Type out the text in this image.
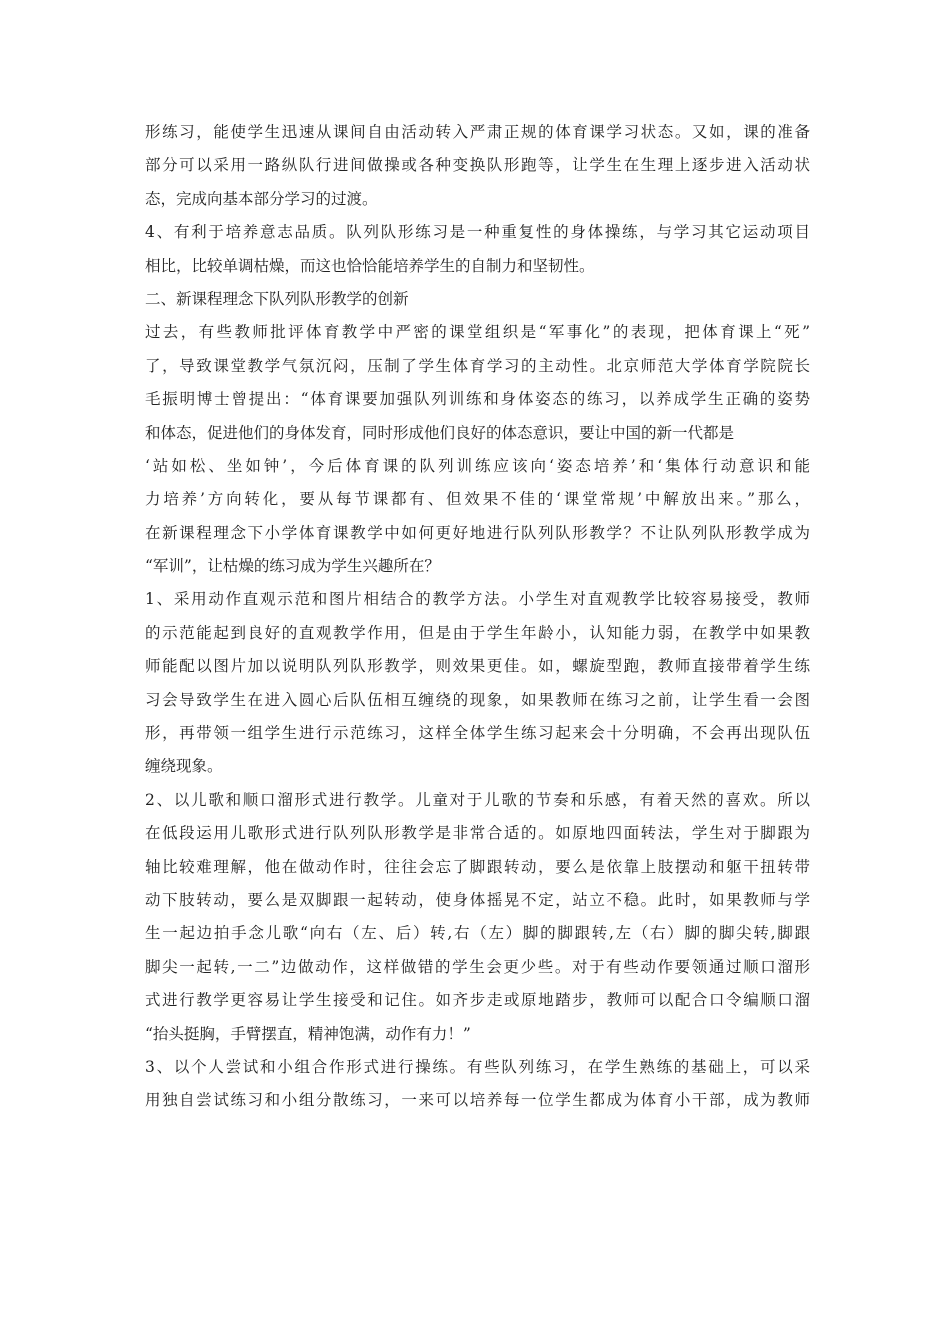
形练习，能使学生迅速从课间自由活动转入严肃正规的体育课学习状态。又如，课的准备
部分可以采用一路纵队行进间做操或各种变换队形跑等，让学生在生理上逐步进入活动状
态，完成向基本部分学习的过渡。
4、有利于培养意志品质。队列队形练习是一种重复性的身体操练，与学习其它运动项目
相比，比较单调枯燥，而这也恰恰能培养学生的自制力和坚韧性。
二、新课程理念下队列队形教学的创新
过去，有些教师批评体育教学中严密的课堂组织是“军事化”的表现，把体育课上“死”
了，导致课堂教学气氛沉闷，压制了学生体育学习的主动性。北京师范大学体育学院院长
毛振明博士曾提出：“体育课要加强队列训练和身体姿态的练习，以养成学生正确的姿势
和体态，促进他们的身体发育，同时形成他们良好的体态意识，要让中国的新一代都是
‘站如松、坐如钟’，今后体育课的队列训练应该向‘姿态培养’和‘集体行动意识和能
力培养’方向转化，要从每节课都有、但效果不佳的‘课堂常规’中解放出来。”那么，
在新课程理念下小学体育课教学中如何更好地进行队列队形教学？不让队列队形教学成为
“军训”，让枯燥的练习成为学生兴趣所在？
1、采用动作直观示范和图片相结合的教学方法。小学生对直观教学比较容易接受，教师
的示范能起到良好的直观教学作用，但是由于学生年龄小，认知能力弱，在教学中如果教
师能配以图片加以说明队列队形教学，则效果更佳。如，螺旋型跑，教师直接带着学生练
习会导致学生在进入圆心后队伍相互缠绕的现象，如果教师在练习之前，让学生看一会图
形，再带领一组学生进行示范练习，这样全体学生练习起来会十分明确，不会再出现队伍
缠绕现象。
2、以儿歌和顺口溜形式进行教学。儿童对于儿歌的节奏和乐感，有着天然的喜欢。所以
在低段运用儿歌形式进行队列队形教学是非常合适的。如原地四面转法，学生对于脚跟为
轴比较难理解，他在做动作时，往往会忘了脚跟转动，要么是依靠上肢摆动和躯干扭转带
动下肢转动，要么是双脚跟一起转动，使身体摇晃不定，站立不稳。此时，如果教师与学
生一起边拍手念儿歌“向右（左、后）转,右（左）脚的脚跟转,左（右）脚的脚尖转,脚跟
脚尖一起转,一二”边做动作，这样做错的学生会更少些。对于有些动作要领通过顺口溜形
式进行教学更容易让学生接受和记住。如齐步走或原地踏步，教师可以配合口令编顺口溜
“抬头挺胸，手臂摆直，精神饱满，动作有力！”
3、以个人尝试和小组合作形式进行操练。有些队列练习，在学生熟练的基础上，可以采
用独自尝试练习和小组分散练习，一来可以培养每一位学生都成为体育小干部，成为教师
